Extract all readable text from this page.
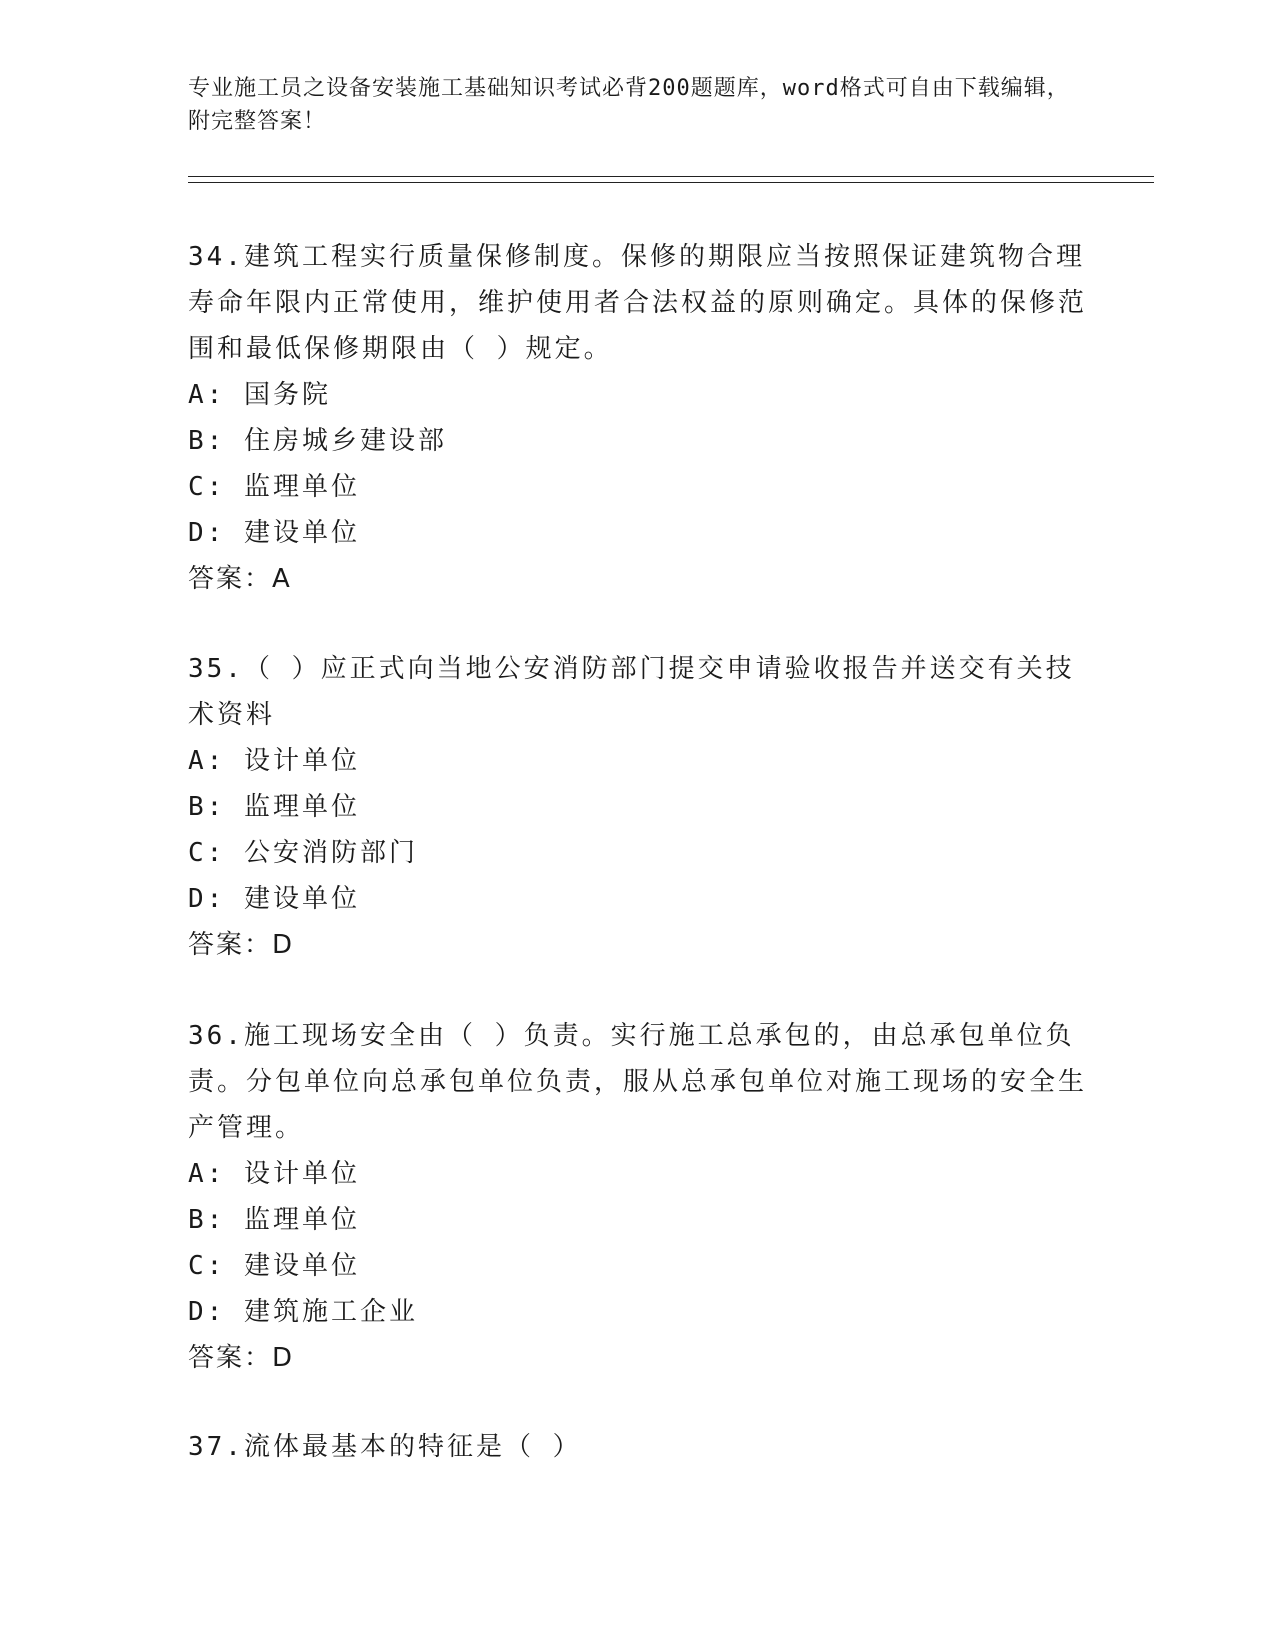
专业施工员之设备安装施工基础知识考试必背200题题库，word格式可自由下载编辑，附完整答案！

34.建筑工程实行质量保修制度。保修的期限应当按照保证建筑物合理寿命年限内正常使用，维护使用者合法权益的原则确定。具体的保修范围和最低保修期限由（ ）规定。

A: 国务院

B: 住房城乡建设部

C: 监理单位

D: 建设单位

答案：A

35.（ ）应正式向当地公安消防部门提交申请验收报告并送交有关技术资料

A: 设计单位

B: 监理单位

C: 公安消防部门

D: 建设单位

答案：D

36.施工现场安全由（ ）负责。实行施工总承包的，由总承包单位负责。分包单位向总承包单位负责，服从总承包单位对施工现场的安全生产管理。

A: 设计单位

B: 监理单位

C: 建设单位

D: 建筑施工企业

答案：D

37.流体最基本的特征是（ ）
